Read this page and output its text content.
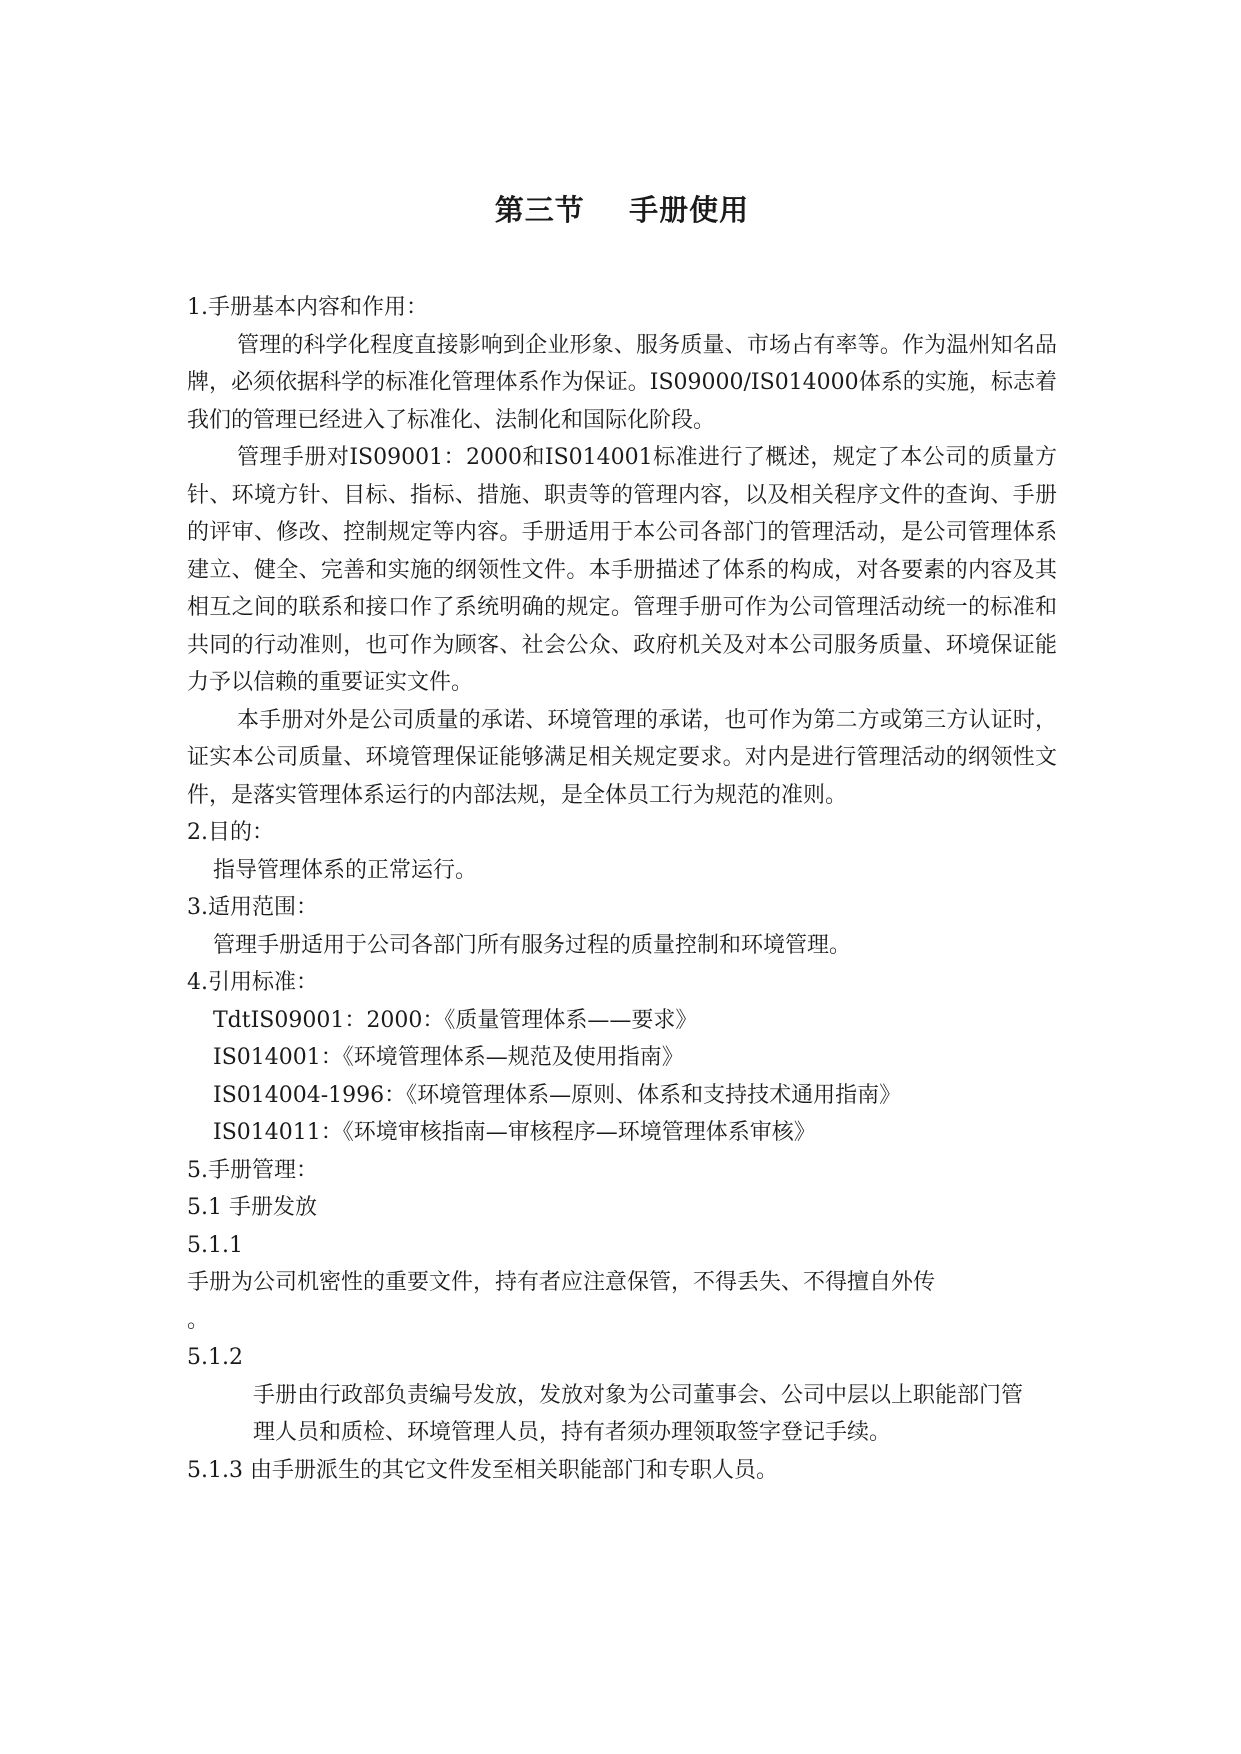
第三节    手册使用

1.手册基本内容和作用：

管理的科学化程度直接影响到企业形象、服务质量、市场占有率等。作为温州知名品牌，必须依据科学的标准化管理体系作为保证。IS09000/IS014000体系的实施，标志着我们的管理已经进入了标准化、法制化和国际化阶段。

管理手册对IS09001：2000和IS014001标准进行了概述，规定了本公司的质量方针、环境方针、目标、指标、措施、职责等的管理内容，以及相关程序文件的查询、手册的评审、修改、控制规定等内容。手册适用于本公司各部门的管理活动，是公司管理体系建立、健全、完善和实施的纲领性文件。本手册描述了体系的构成，对各要素的内容及其相互之间的联系和接口作了系统明确的规定。管理手册可作为公司管理活动统一的标准和共同的行动准则，也可作为顾客、社会公众、政府机关及对本公司服务质量、环境保证能力予以信赖的重要证实文件。

本手册对外是公司质量的承诺、环境管理的承诺，也可作为第二方或第三方认证时，证实本公司质量、环境管理保证能够满足相关规定要求。对内是进行管理活动的纲领性文件，是落实管理体系运行的内部法规，是全体员工行为规范的准则。

2.目的：

指导管理体系的正常运行。

3.适用范围：

管理手册适用于公司各部门所有服务过程的质量控制和环境管理。

4.引用标准：

TdtIS09001：2000：《质量管理体系——要求》

IS014001：《环境管理体系—规范及使用指南》

IS014004-1996：《环境管理体系—原则、体系和支持技术通用指南》

IS014011：《环境审核指南—审核程序—环境管理体系审核》

5.手册管理：

5.1 手册发放

5.1.1

手册为公司机密性的重要文件，持有者应注意保管，不得丢失、不得擅自外传

。

5.1.2

手册由行政部负责编号发放，发放对象为公司董事会、公司中层以上职能部门管理人员和质检、环境管理人员，持有者须办理领取签字登记手续。

5.1.3 由手册派生的其它文件发至相关职能部门和专职人员。
